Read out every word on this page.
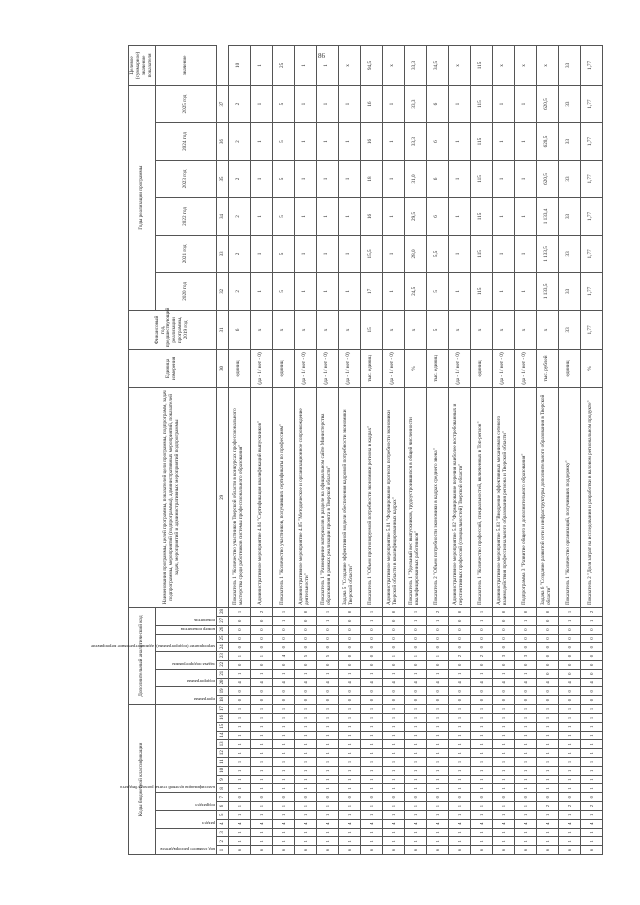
86
Коды бюджетной классификации																	Дополнительный аналитический код											Наименования программы, целей программы, показателей цели программы, подпрограмм, задач подпрограммы, мероприятий (подпрограммы), административных мероприятий, показателей задач, мероприятий и административных мероприятий подпрограммы	Единица измерения	Финансовый год, предшествующий реализации программы, 2019 год	Годы реализации программы						Целевое (суммарное) значение показателя

код главного распорядителя			раздел		подраздел		классификация целевой статьи расхода бюджета										программа		подпрограмма		задача подпрограммы		мероприятие (подпрограммы), административное мероприятие		номер показателя	показатель					2020 год	2021 год	2022 год	2023 год	2024 год	2025 год	значение
1	2	3	4	5	6	7	8	9	10	11	12	13	14	15	16	17	18	19	20	21	22	23	24	25	26	27	28	29	30	31	32	33	34	35	36	37	
6	1	1	4	1	1	0	1	1	1	1	1	1	1	1	1	1	0	0	4	1	0	1	0	0	0	0	1	Показатель 1 "Количество участников Тверской области в конкурсах профессионального мастерства среди работников системы профессионального образования"	единиц	6	2	2	2	2	2	2	10
6	1	1	4	1	1	0	1	1	1	1	1	1	1	1	1	1	0	0	4	1	0	1	0	0	0	0	2	Административное мероприятие 4.04 "Сертификация квалификаций выпускников"	(да - 1/ нет - 0)	x	1	1	1	1	1	1	1
6	1	1	4	1	1	0	1	1	1	1	1	1	1	1	1	1	0	0	4	1	0	4	0	0	0	1	1	Показатель 1 "Количество участников, получивших сертификаты по профессиям"	единиц	x	5	5	5	5	5	5	25
6	1	1	4	1	1	0	1	1	1	1	1	1	1	1	1	1	0	0	4	1	0	5	0	0	0	0	0	Административное мероприятие 4.05 "Методическое и организационное сопровождение деятельности"	(да - 1/ нет - 0)	x	1	1	1	1	1	1	1
6	1	1	4	1	1	0	1	1	1	1	1	1	1	1	1	1	0	0	4	1	0	5	0	0	0	1	1	Показатель 1 "Размещение материалов в разделе на официальном сайте Министерства образования в рамках реализации проекта в Тверской области"	(да - 1/ нет - 0)	x	1	1	1	1	1	1	1
6	1	1	4	1	1	0	1	1	1	1	1	1	1	1	1	1	0	0	4	1	0	0	0	0	0	0	0	Задача 5 "Создание эффективной модели обеспечения кадровой потребности экономики Тверской области"	(да - 1/ нет - 0)	x	1	1	1	1	1	1	x
6	1	1	4	1	1	0	1	1	1	1	1	1	1	1	1	1	0	0	4	1	0	0	0	0	0	1	1	Показатель 1 "Объем прогнозируемой потребности экономики региона в кадрах"	тыс. единиц	15	17	15,5	16	18	16	16	94,5
6	1	1	4	1	1	0	1	1	1	1	1	1	1	1	1	1	0	0	4	1	0	1	0	0	0	0	0	Административное мероприятие 5.01 "Формирование прогноза потребности экономики Тверской области в квалифицированных кадрах"	(да - 1/ нет - 0)	x	1	1	1	1	1	1	x
6	1	1	4	1	1	0	1	1	1	1	1	1	1	1	1	1	0	0	4	1	0	1	0	0	0	1	1	Показатель 1 "Удельный вес выпускников, трудоустроившихся в общей численности квалифицированных работников"	%	x	24,5	28,0	29,5	31,0	33,3	33,3	33,3
6	1	1	4	1	1	0	1	1	1	1	1	1	1	1	1	1	0	0	4	1	0	1	0	0	0	1	2	Показатель 2 "Объем потребности экономики в кадрах среднего звена"	тыс. единиц	5	5	5,5	6	6	6	6	34,5
6	1	1	4	1	1	0	1	1	1	1	1	1	1	1	1	1	0	0	4	1	0	2	0	0	0	0	0	Административное мероприятие 5.02 "Формирование перечня наиболее востребованных и перспективных профессий (специальностей) Тверской области"	(да - 1/ нет - 0)	x	1	1	1	1	1	1	x
6	1	1	4	1	1	0	1	1	1	1	1	1	1	1	1	1	0	0	4	1	0	2	0	0	0	1	1	Показатель 1 "Количество профессий, специальностей, включенных в Топ-регион"	единиц	x	115	115	115	115	115	115	115
6	1	1	4	1	1	0	1	1	1	1	1	1	1	1	1	1	0	0	4	1	0	3	0	0	0	0	0	Административное мероприятие 5.03 "Внедрение эффективных механизмов сетевого взаимодействия профессионального образования региона и Тверской области"	(да - 1/ нет - 0)	x	1	1	1	1	1	1	x
6	1	1	4	1	1	0	1	1	1	1	1	1	1	1	1	1	0	0	4	1	0	3	0	0	0	1	0	Подпрограмма 3 "Развитие общего и дополнительного образования"	(да - 1/ нет - 0)	x	1	1	1	1	1	1	x
6	1	1	4	1	2	0	1	1	1	1	1	1	1	1	1	1	0	0	4	0	0	0	0	0	0	0	0	Задача 6 "Создание развитой сети и инфраструктуры дополнительного образования в Тверской области"	тыс. рублей	x	1 133,5	1 133,5	1 133,4	620,5	620,5	620,5	x
6	1	1	4	1	2	0	1	1	1	1	1	1	1	1	1	1	0	0	4	0	0	0	0	0	0	1	1	Показатель 1 "Количество организаций, получивших поддержку"	единиц	33	33	33	33	33	33	33	33
6	1	1	4	1	2	0	1	1	1	1	1	1	1	1	1	1	0	0	4	0	0	0	0	0	0	1	2	Показатель 2 "Доля затрат на исследования и разработки в валовом региональном продукте"	%	1,77	1,77	1,77	1,77	1,77	1,77	1,77	1,77
